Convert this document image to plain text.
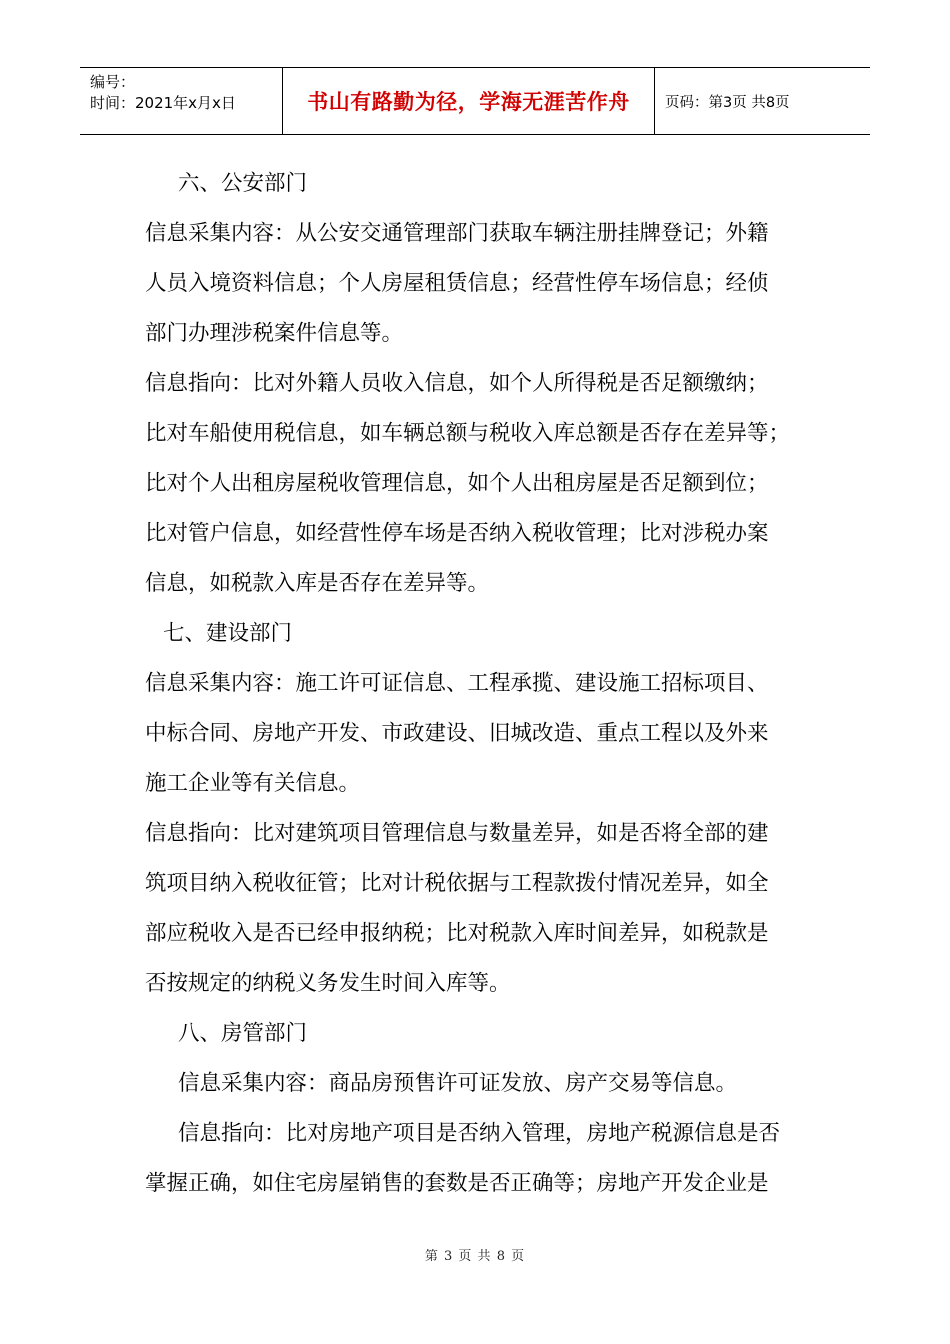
编号：
时间：2021年x月x日	书山有路勤为径，学海无涯苦作舟	页码：第3页 共8页
六、公安部门
信息采集内容：从公安交通管理部门获取车辆注册挂牌登记；外籍
人员入境资料信息；个人房屋租赁信息；经营性停车场信息；经侦
部门办理涉税案件信息等。
信息指向：比对外籍人员收入信息，如个人所得税是否足额缴纳；
比对车船使用税信息，如车辆总额与税收入库总额是否存在差异等；
比对个人出租房屋税收管理信息，如个人出租房屋是否足额到位；
比对管户信息，如经营性停车场是否纳入税收管理；比对涉税办案
信息，如税款入库是否存在差异等。
七、建设部门
信息采集内容：施工许可证信息、工程承揽、建设施工招标项目、
中标合同、房地产开发、市政建设、旧城改造、重点工程以及外来
施工企业等有关信息。
信息指向：比对建筑项目管理信息与数量差异，如是否将全部的建
筑项目纳入税收征管；比对计税依据与工程款拨付情况差异，如全
部应税收入是否已经申报纳税；比对税款入库时间差异，如税款是
否按规定的纳税义务发生时间入库等。
八、房管部门
信息采集内容：商品房预售许可证发放、房产交易等信息。
信息指向：比对房地产项目是否纳入管理，房地产税源信息是否
掌握正确，如住宅房屋销售的套数是否正确等；房地产开发企业是
第 3 页 共 8 页
